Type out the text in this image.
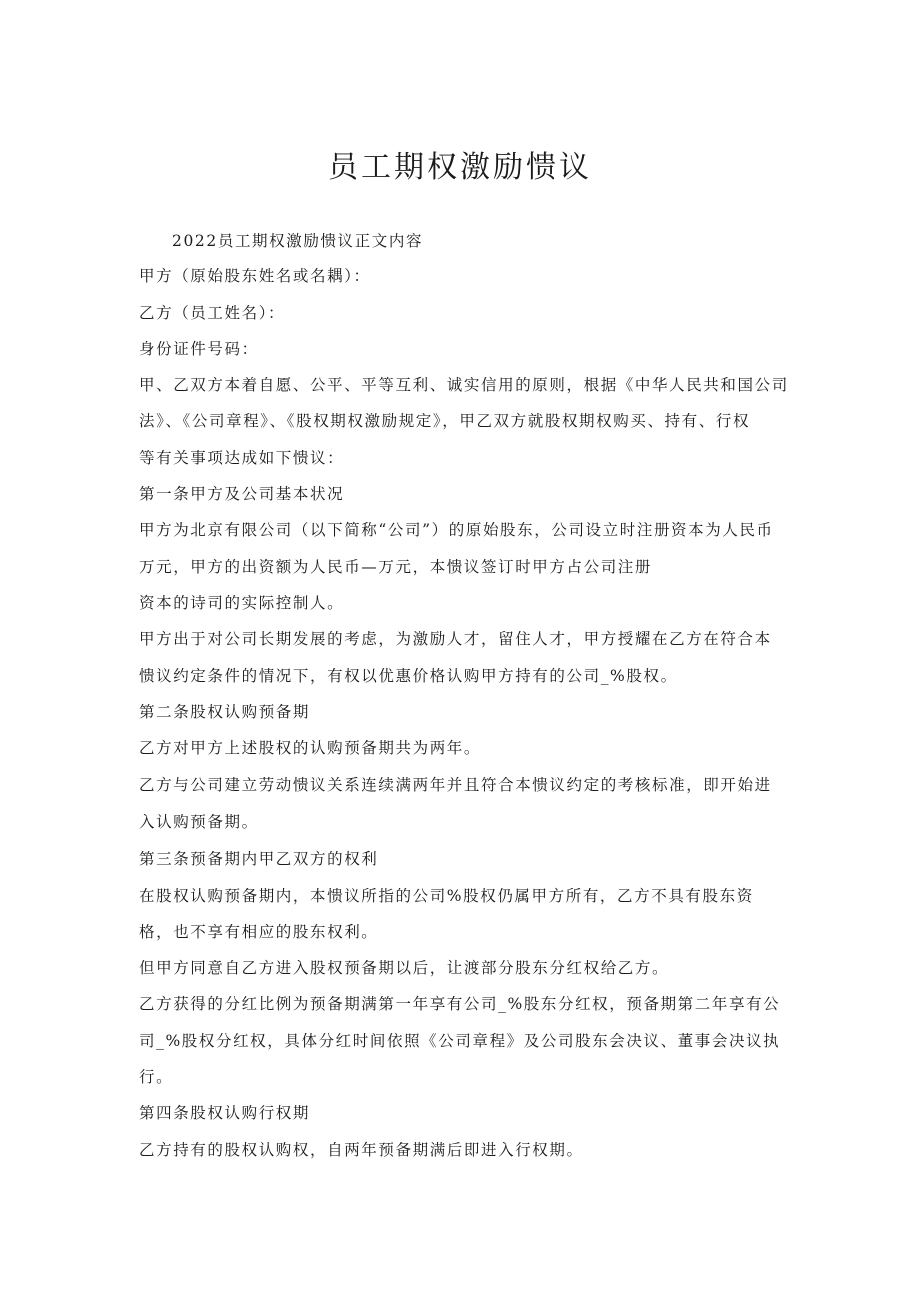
员工期权激励愦议

2022员工期权激励愦议正文内容

甲方（原始股东姓名或名耦）：

乙方（员工姓名）：

身份证件号码：

甲、乙双方本着自愿、公平、平等互利、诚实信用的原则，根据《中华人民共和国公司

法》、《公司章程》、《股权期权激励规定》，甲乙双方就股权期权购买、持有、行权

等有关事项达成如下愦议：

第一条甲方及公司基本状况

甲方为北京有限公司（以下简称“公司”）的原始股东，公司设立时注册资本为人民币

万元，甲方的出资额为人民币—万元，本愦议签订时甲方占公司注册

资本的诗司的实际控制人。

甲方出于对公司长期发展的考虑，为激励人才，留住人才，甲方授耀在乙方在符合本

愦议约定条件的情况下，有权以优惠价格认购甲方持有的公司_%股权。

第二条股权认购预备期

乙方对甲方上述股权的认购预备期共为两年。

乙方与公司建立劳动愦议关系连续满两年并且符合本愦议约定的考核标准，即开始进

入认购预备期。

第三条预备期内甲乙双方的权利

在股权认购预备期内，本愦议所指的公司%股权仍属甲方所有，乙方不具有股东资

格，也不享有相应的股东权利。

但甲方同意自乙方进入股权预备期以后，让渡部分股东分红权给乙方。

乙方获得的分红比例为预备期满第一年享有公司_%股东分红权，预备期第二年享有公

司_%股权分红权，具体分红时间依照《公司章程》及公司股东会决议、董事会决议执

行。

第四条股权认购行权期

乙方持有的股权认购权，自两年预备期满后即进入行权期。
